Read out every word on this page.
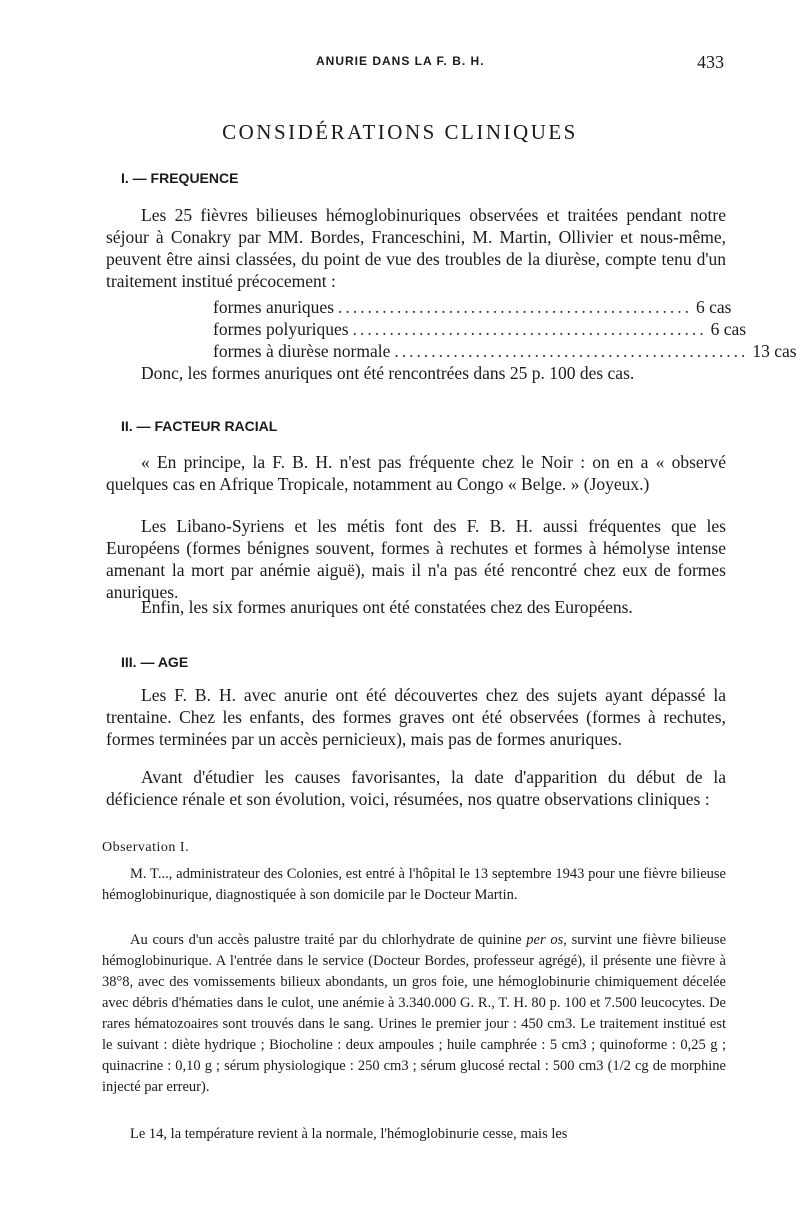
ANURIE DANS LA F. B. H.	433
CONSIDÉRATIONS CLINIQUES
I. — FREQUENCE

Les 25 fièvres bilieuses hémoglobinuriques observées et traitées pendant notre séjour à Conakry par MM. Bordes, Franceschini, M. Martin, Ollivier et nous-même, peuvent être ainsi classées, du point de vue des troubles de la diurèse, compte tenu d'un traitement institué précocement :

formes anuriques ................................................ 6 cas
formes polyuriques ................................................ 6 cas
formes à diurèse normale ................................................ 13 cas

Donc, les formes anuriques ont été rencontrées dans 25 p. 100 des cas.

II. — FACTEUR RACIAL

« En principe, la F. B. H. n'est pas fréquente chez le Noir : on en a « observé quelques cas en Afrique Tropicale, notamment au Congo « Belge. » (Joyeux.)

Les Libano-Syriens et les métis font des F. B. H. aussi fréquentes que les Européens (formes bénignes souvent, formes à rechutes et formes à hémolyse intense amenant la mort par anémie aiguë), mais il n'a pas été rencontré chez eux de formes anuriques.

Enfin, les six formes anuriques ont été constatées chez des Européens.

III. — AGE

Les F. B. H. avec anurie ont été découvertes chez des sujets ayant dépassé la trentaine. Chez les enfants, des formes graves ont été observées (formes à rechutes, formes terminées par un accès pernicieux), mais pas de formes anuriques.

Avant d'étudier les causes favorisantes, la date d'apparition du début de la déficience rénale et son évolution, voici, résumées, nos quatre observations cliniques :

Observation I.

M. T..., administrateur des Colonies, est entré à l'hôpital le 13 septembre 1943 pour une fièvre bilieuse hémoglobinurique, diagnostiquée à son domicile par le Docteur Martin.

Au cours d'un accès palustre traité par du chlorhydrate de quinine per os, survint une fièvre bilieuse hémoglobinurique. A l'entrée dans le service (Docteur Bordes, professeur agrégé), il présente une fièvre à 38°8, avec des vomissements bilieux abondants, un gros foie, une hémoglobinurie chimiquement décelée avec débris d'hématies dans le culot, une anémie à 3.340.000 G. R., T. H. 80 p. 100 et 7.500 leucocytes. De rares hématozoaires sont trouvés dans le sang. Urines le premier jour : 450 cm3. Le traitement institué est le suivant : diète hydrique ; Biocholine : deux ampoules ; huile camphrée : 5 cm3 ; quinoforme : 0,25 g ; quinacrine : 0,10 g ; sérum physiologique : 250 cm3 ; sérum glucosé rectal : 500 cm3 (1/2 cg de morphine injecté par erreur).

Le 14, la température revient à la normale, l'hémoglobinurie cesse, mais les
